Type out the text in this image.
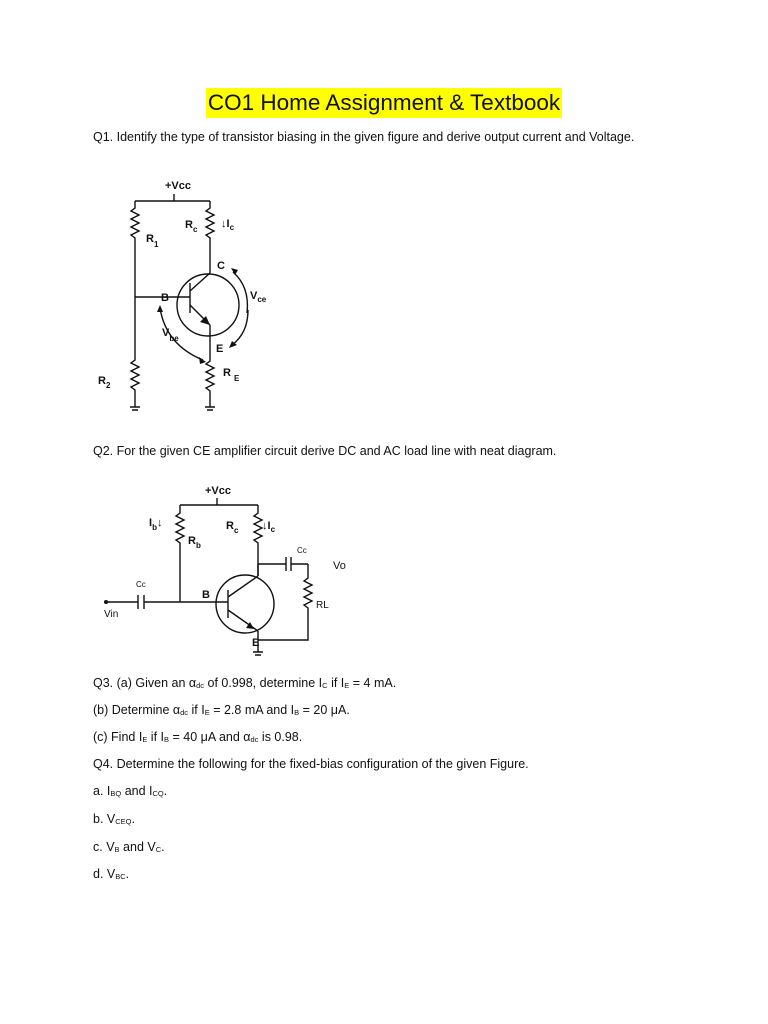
CO1 Home Assignment & Textbook

Q1. Identify the type of transistor biasing in the given figure and derive output current and Voltage.

+Vcc
$R_1$
$R_c$ $↓I_c$
C
B	$V_{ce}$
$V_{be}$
E
$R_2$
R $_E$

Q2. For the given CE amplifier circuit derive DC and AC load line with neat diagram.

+Vcc
$I_b↓$
$R_b$
$R_c$ $↓I_c$
Cc
Vo
RL
Cc
Vin
B
E

Q3. (a) Given an αdc of 0.998, determine IC if IE = 4 mA.

(b) Determine αdc if IE = 2.8 mA and IB = 20 μA.

(c) Find IE if IB = 40 μA and αdc is 0.98.

Q4. Determine the following for the fixed-bias configuration of the given Figure.

a. IBQ and ICQ.

b. VCEQ.

c. VB and VC.

d. VBC.
